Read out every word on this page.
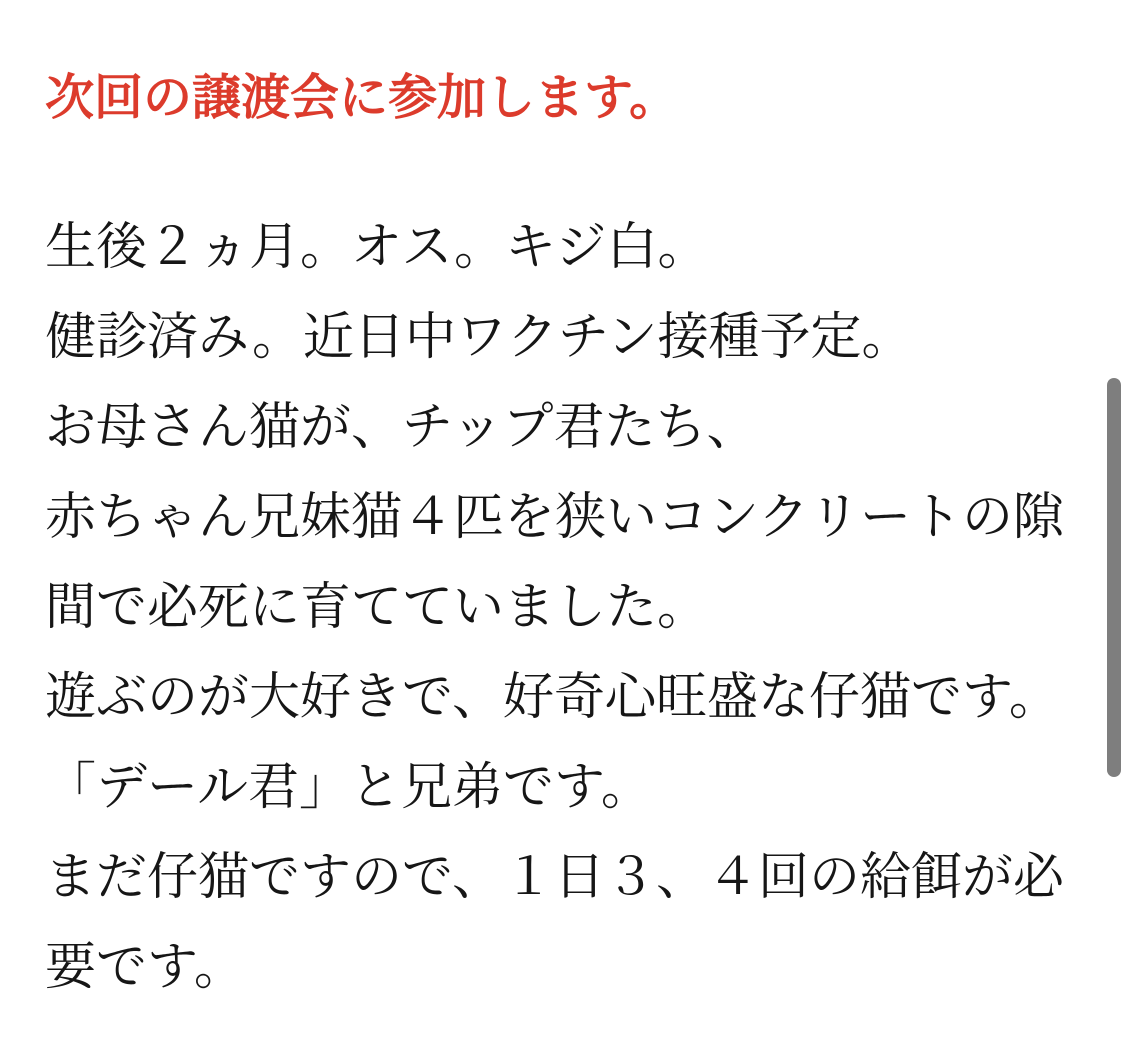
次回の譲渡会に参加します。

生後２ヵ月。オス。キジ白。
健診済み。近日中ワクチン接種予定。
お母さん猫が、チップ君たち、
赤ちゃん兄妹猫４匹を狭いコンクリートの隙
間で必死に育てていました。
遊ぶのが大好きで、好奇心旺盛な仔猫です。
「デール君」と兄弟です。
まだ仔猫ですので、１日３、４回の給餌が必
要です。
